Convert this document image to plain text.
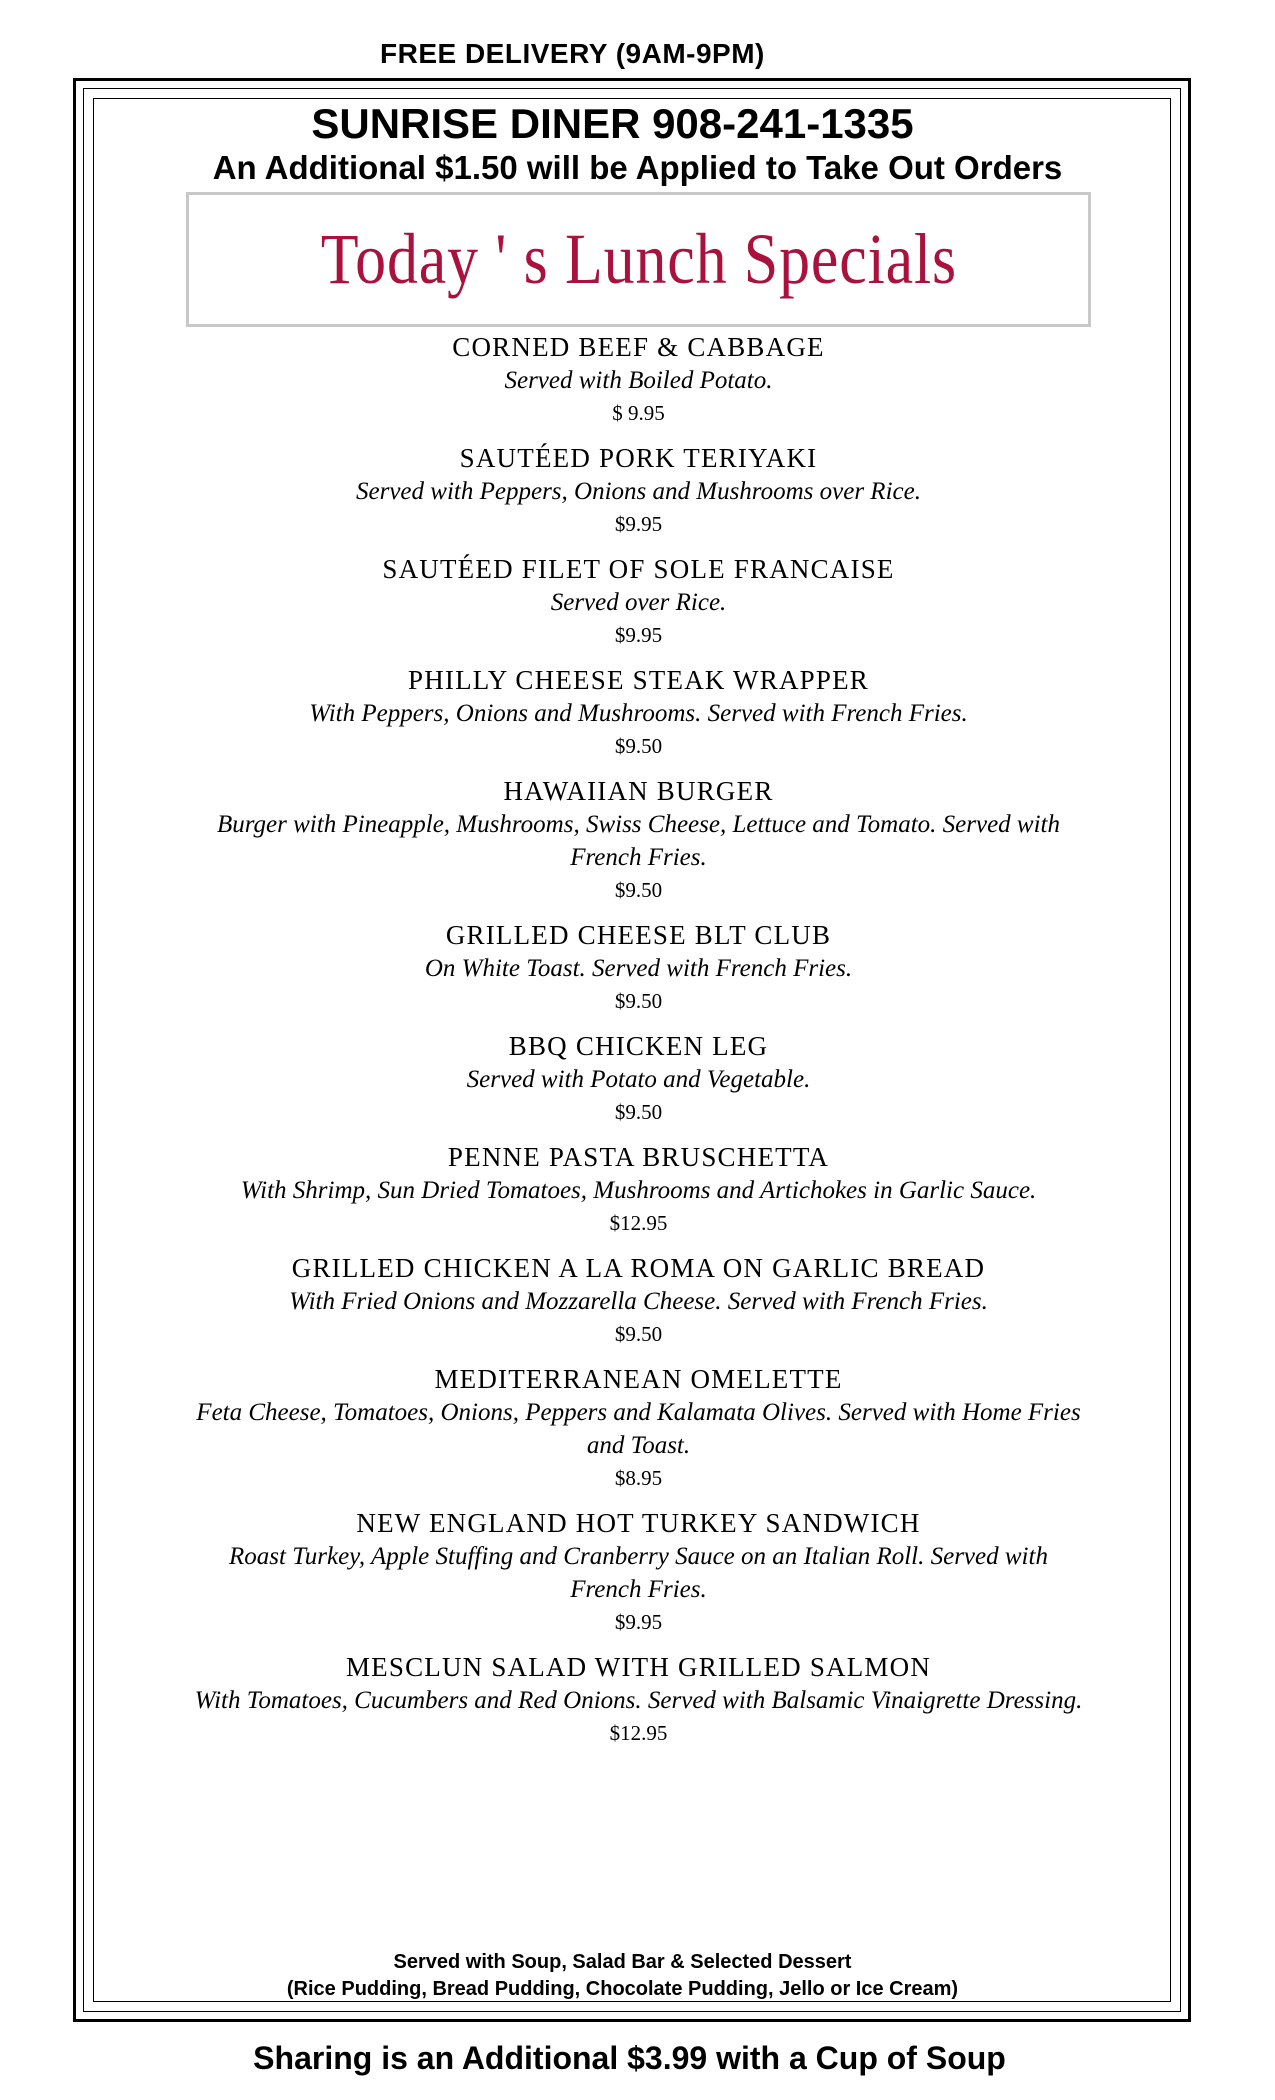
FREE DELIVERY (9AM-9PM)
SUNRISE DINER 908-241-1335
An Additional $1.50 will be Applied to Take Out Orders
Today ' s Lunch Specials
CORNED BEEF & CABBAGE
Served with Boiled Potato.
$ 9.95
SAUTÉED PORK TERIYAKI
Served with Peppers, Onions and Mushrooms over Rice.
$9.95
SAUTÉED FILET OF SOLE FRANCAISE
Served over Rice.
$9.95
PHILLY CHEESE STEAK WRAPPER
With Peppers, Onions and Mushrooms. Served with French Fries.
$9.50
HAWAIIAN BURGER
Burger with Pineapple, Mushrooms, Swiss Cheese, Lettuce and Tomato. Served with French Fries.
$9.50
GRILLED CHEESE BLT CLUB
On White Toast. Served with French Fries.
$9.50
BBQ CHICKEN LEG
Served with Potato and Vegetable.
$9.50
PENNE PASTA BRUSCHETTA
With Shrimp, Sun Dried Tomatoes, Mushrooms and Artichokes in Garlic Sauce.
$12.95
GRILLED CHICKEN A LA ROMA ON GARLIC BREAD
With Fried Onions and Mozzarella Cheese. Served with French Fries.
$9.50
MEDITERRANEAN OMELETTE
Feta Cheese, Tomatoes, Onions, Peppers and Kalamata Olives. Served with Home Fries and Toast.
$8.95
NEW ENGLAND HOT TURKEY SANDWICH
Roast Turkey, Apple Stuffing and Cranberry Sauce on an Italian Roll. Served with French Fries.
$9.95
MESCLUN SALAD WITH GRILLED SALMON
With Tomatoes, Cucumbers and Red Onions. Served with Balsamic Vinaigrette Dressing.
$12.95
Served with Soup, Salad Bar & Selected Dessert
(Rice Pudding, Bread Pudding, Chocolate Pudding, Jello or Ice Cream)
Sharing is an Additional $3.99 with a Cup of Soup
